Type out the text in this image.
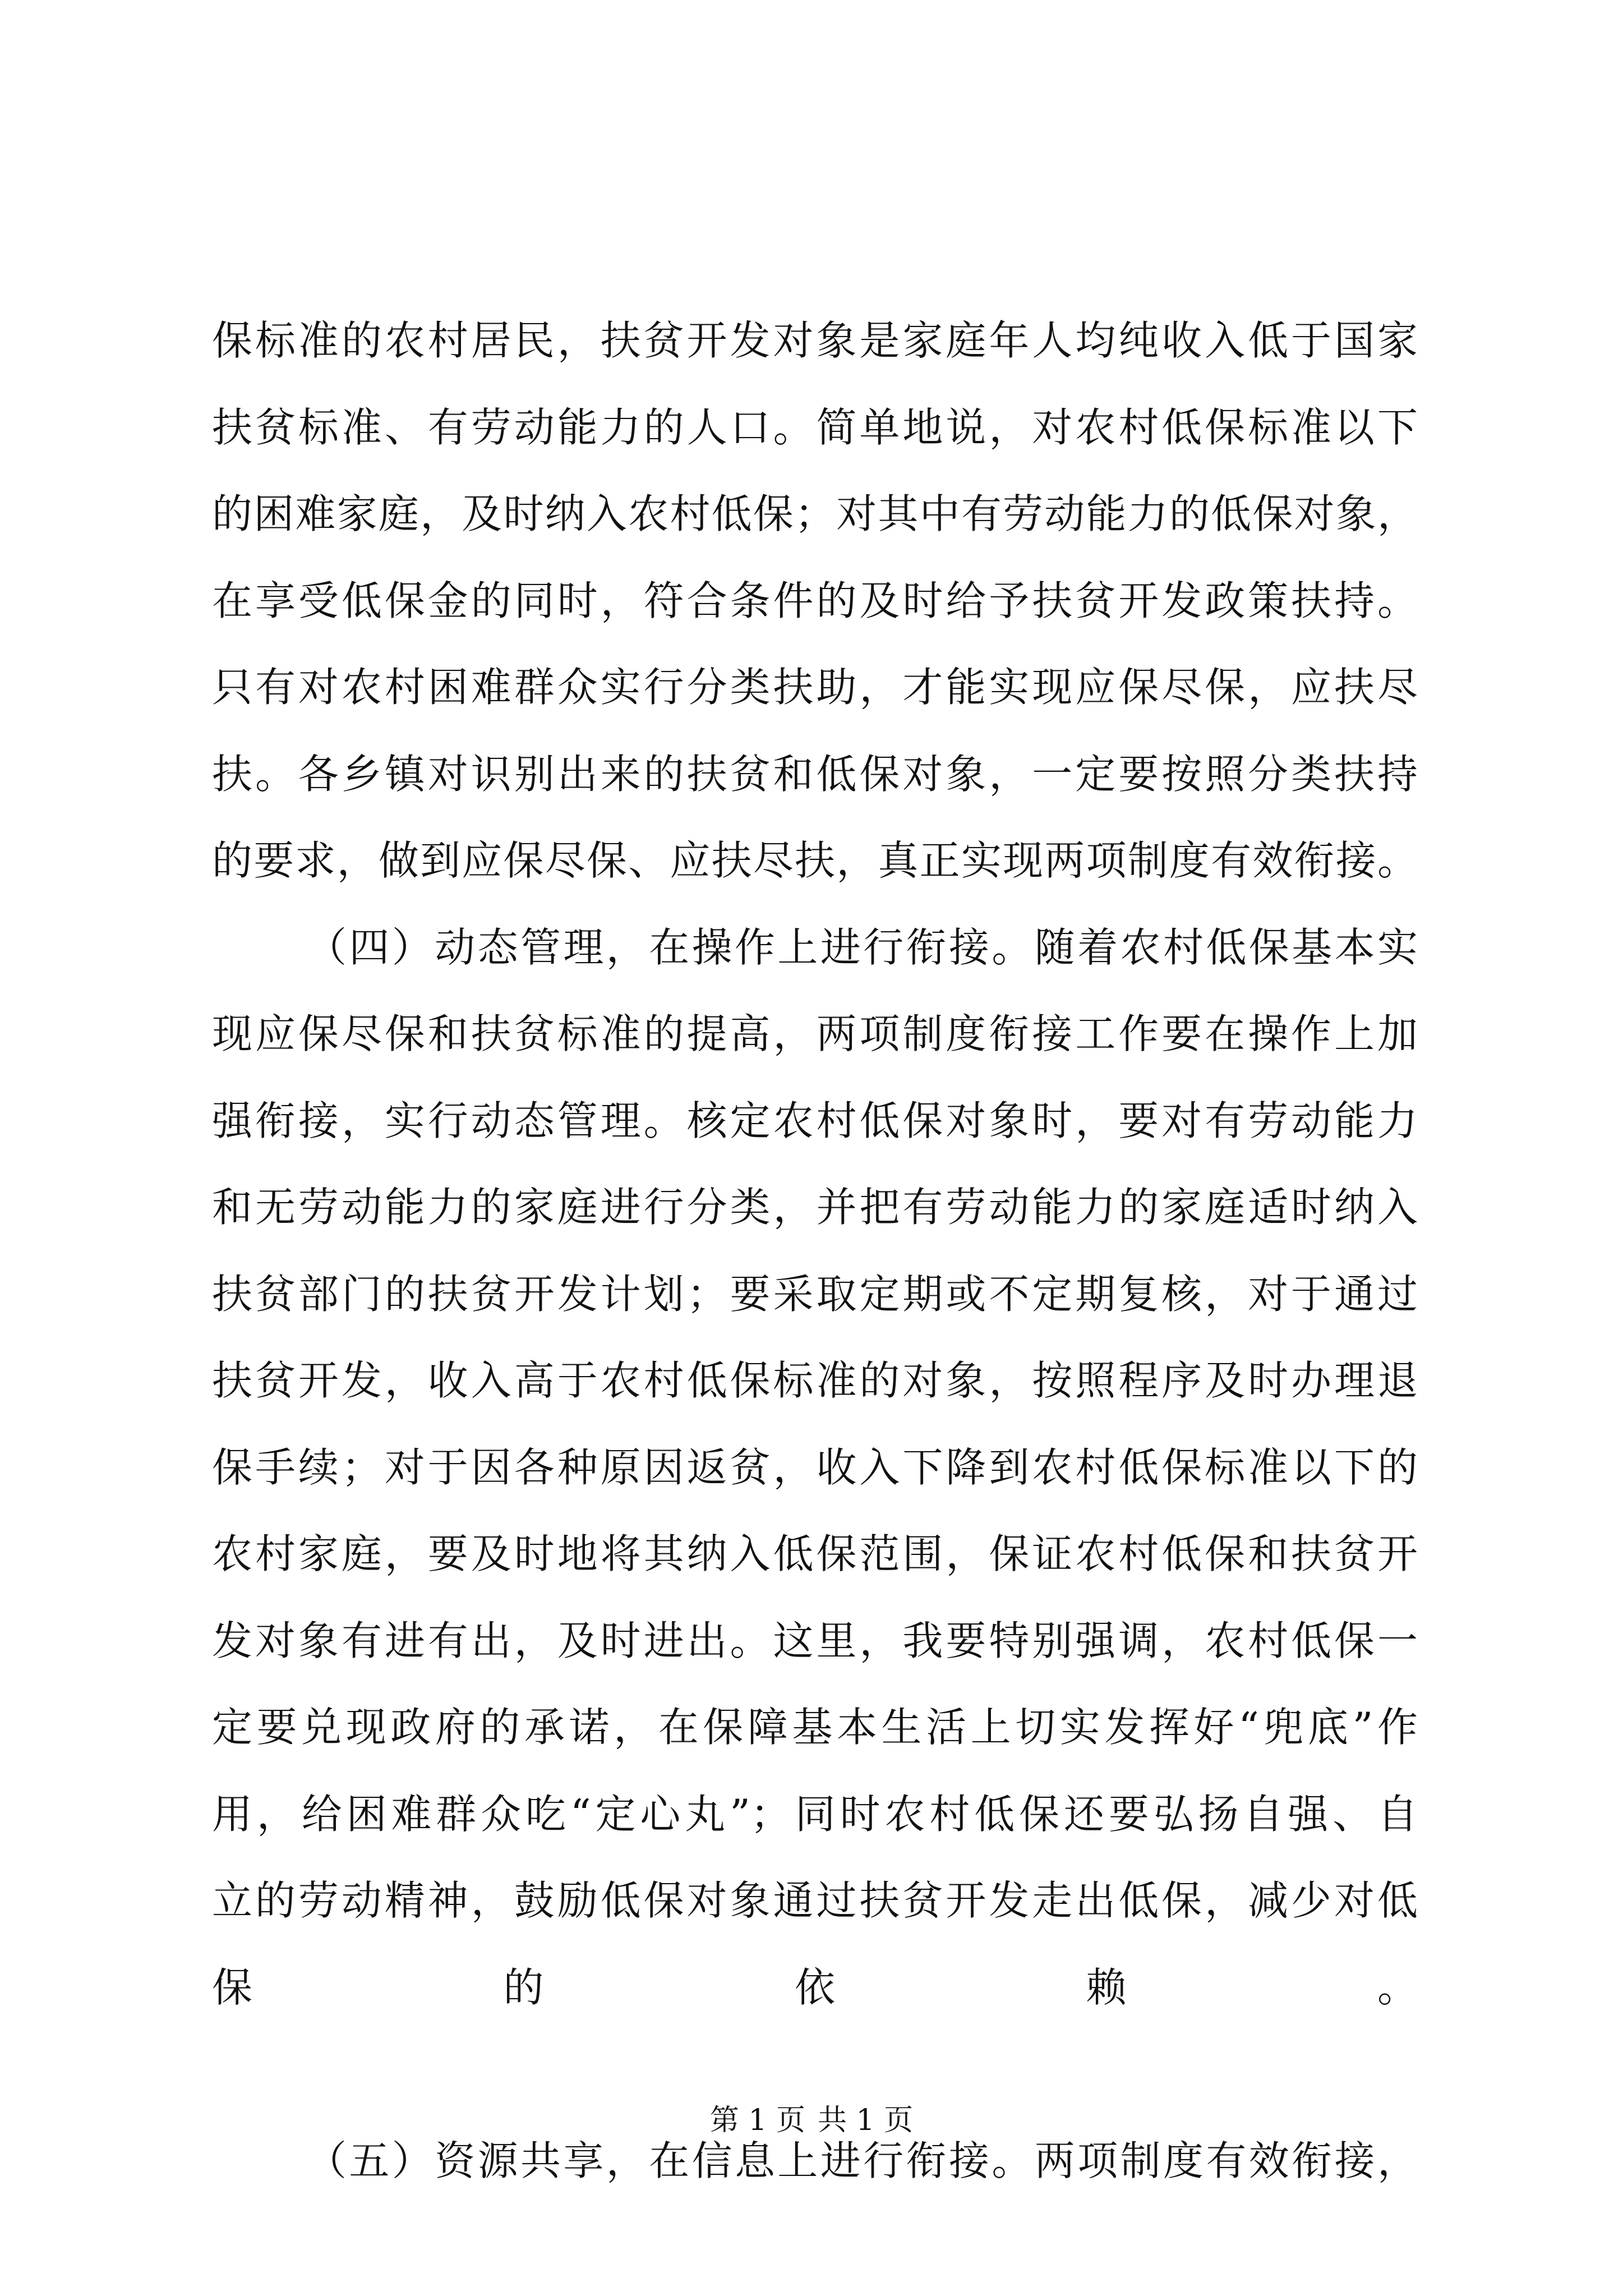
保标准的农村居民，扶贫开发对象是家庭年人均纯收入低于国家
扶贫标准、有劳动能力的人口。简单地说，对农村低保标准以下
的困难家庭，及时纳入农村低保；对其中有劳动能力的低保对象，
在享受低保金的同时，符合条件的及时给予扶贫开发政策扶持。
只有对农村困难群众实行分类扶助，才能实现应保尽保，应扶尽
扶。各乡镇对识别出来的扶贫和低保对象，一定要按照分类扶持
的要求，做到应保尽保、应扶尽扶，真正实现两项制度有效衔接。
（四）动态管理，在操作上进行衔接。随着农村低保基本实
现应保尽保和扶贫标准的提高，两项制度衔接工作要在操作上加
强衔接，实行动态管理。核定农村低保对象时，要对有劳动能力
和无劳动能力的家庭进行分类，并把有劳动能力的家庭适时纳入
扶贫部门的扶贫开发计划；要采取定期或不定期复核，对于通过
扶贫开发，收入高于农村低保标准的对象，按照程序及时办理退
保手续；对于因各种原因返贫，收入下降到农村低保标准以下的
农村家庭，要及时地将其纳入低保范围，保证农村低保和扶贫开
发对象有进有出，及时进出。这里，我要特别强调，农村低保一
定要兑现政府的承诺，在保障基本生活上切实发挥好“兜底”作
用，给困难群众吃“定心丸”；同时农村低保还要弘扬自强、自
立的劳动精神，鼓励低保对象通过扶贫开发走出低保，减少对低
保的依赖。
（五）资源共享，在信息上进行衔接。两项制度有效衔接，
第 1 页 共 1 页
